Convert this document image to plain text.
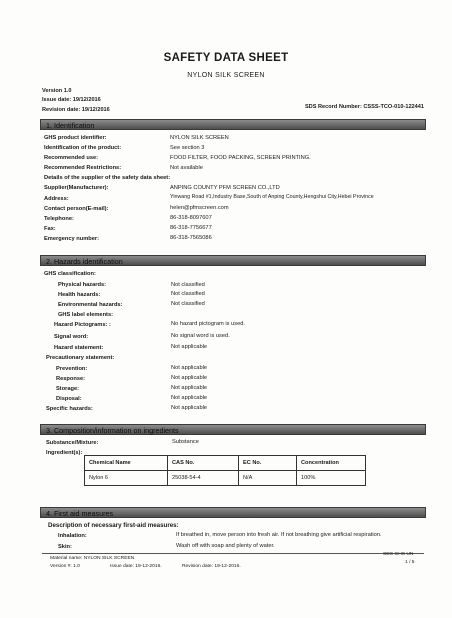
SAFETY DATA SHEET
NYLON SILK SCREEN
Version 1.0
Issue date: 19/12/2016
Revision date: 19/12/2016	SDS Record Number: CSSS-TCO-010-122441
1. Identification
GHS product identifier:	NYLON SILK SCREEN
Identification of the product:	See section 3
Recommended use:	FOOD FILTER, FOOD PACKING, SCREEN PRINTING.
Recommended Restrictions:	Not available
Details of the supplier of the safety data sheet:
Supplier(Manufacturer):	ANPING COUNTY PFM SCREEN CO.,LTD
Address:	Yinwang Road #1,Industry Base,South of Anping County,Hengshui City,Hebei Province
Contact person(E-mail):	helen@pfmscreen.com
Telephone:	86-318-8097607
Fax:	86-318-7756677
Emergency number:	86-318-7565086
2. Hazards identification
GHS classification:
Physical hazards:	Not classified
Health hazards:	Not classified
Environmental hazards:	Not classified
GHS label elements:
Hazard Pictograms: :	No hazard pictogram is used.
Signal word:	No signal word is used.
Hazard statement:	Not applicable
Precautionary statement:
Prevention:	Not applicable
Response:	Not applicable
Storage:	Not applicable
Disposal:	Not applicable
Specific hazards:	Not applicable
3. Composition/information on ingredients
Substance/Mixture:	Substance
Ingredient(s):
Chemical Name	CAS No.	EC No.	Concentration
Nylon 6	25038-54-4	N/A	100%
4. First aid measures
Description of necessary first-aid measures:
Inhalation:	If breathed in, move person into fresh air. If not breathing give artificial respiration.
Skin:	Wash off with soap and plenty of water.
Material name: NYLON SILK SCREEN
Version #: 1.0	Issue date: 19-12-2016.	Revision date: 19-12-2016.
SDS GHS UN
1 / 5
